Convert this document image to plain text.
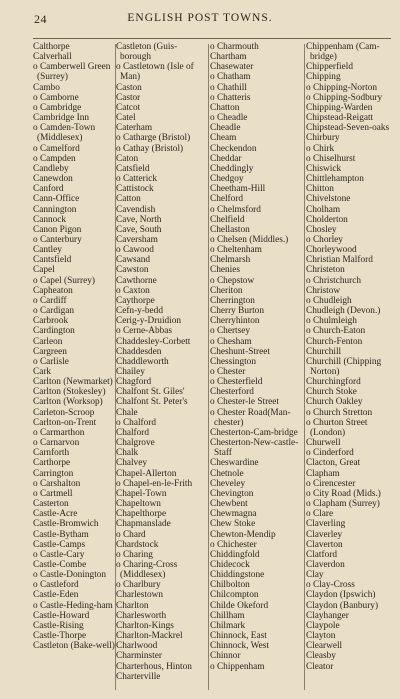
24	ENGLISH POST TOWNS.
Calthorpe
Calverhall
o Camberwell Green (Surrey)
Cambo
o Camborne
o Cambridge
Cambridge Inn
o Camden-Town (Middlesex)
o Camelford
o Campden
Candleby
Canewdon
Canford
Cann-Office
Cannington
Cannock
Canon Pigon
o Canterbury
Cantley
Cantsfield
Capel
o Capel (Surrey)
Capheaton
o Cardiff
o Cardigan
Carbrook
Cardington
Carleon
Cargreen
o Carlisle
Cark
Carlton (Newmarket)
Carlton (Stokesley)
Carlton (Worksop)
Carleton-Scroop
Carlton-on-Trent
o Carmarthon
o Carnarvon
Carnforth
Carthorpe
Carrington
o Carshalton
o Cartmell
Casterton
Castle-Acre
Castle-Bromwich
Castle-Bytham
Castle-Camps
o Castle-Cary
Castle-Combe
o Castle-Donington
o Castleford
Castle-Eden
o Castle-Heding-ham
Castle-Howard
Castle-Rising
Castle-Thorpe
Castleton (Bake-well)
Castleton (Guis-borough
o Castletown (Isle of Man)
Caston
Castor
Catcot
Catel
Caterham
o Catharge (Bristol)
o Cathay (Bristol)
Caton
Catsfield
o Catterick
Cattistock
Catton
Cavendish
Cave, North
Cave, South
Caversham
o Cawood
Cawsand
Cawston
Cawthorne
o Caxton
Caythorpe
Cefn-y-bedd
Cerig-y-Druidion
o Cerne-Abbas
Chaddesley-Corbett
Chaddesden
Chaddleworth
Chailey
Chagford
Chalfont St. Giles'
Chalfont St. Peter's
Chale
o Chalford
Chalford
Chalgrove
Chalk
Chalvey
Chapel-Allerton
o Chapel-en-le-Frith
Chapel-Town
Chapeltown
Chapelthorpe
Chapmanslade
o Chard
Chardstock
o Charing
o Charing-Cross (Middlesex)
o Charlbury
Charlestown
Charlton
Charlesworth
Charlton-Kings
Charlton-Mackrel
Charlwood
Charminster
Charterhous, Hinton
Charterville
o Charmouth
Chartham
Chasewater
o Chatham
o Chathill
o Chatteris
Chatton
o Cheadle
Cheadle
Cheam
Checkendon
Cheddar
Cheddingly
Chedgoy
Cheetham-Hill
Chelford
o Chelmsford
Chelfield
Chellaston
o Chelsen (Middles.)
o Cheltenham
Chelmarsh
Chenies
o Chepstow
Cheriton
Cherrington
Cherry Burton
Cherryhinton
o Chertsey
o Chesham
Cheshunt-Street
Chessington
o Chester
o Chesterfield
Chesterford
o Chester-le Street
o Chester Road(Man-chester)
Chesterton-Cam-bridge
Chesterton-New-castle-Staff
Cheswardine
Chetnole
Cheveley
Chevington
Chewbent
Chewmagna
Chew Stoke
Chewton-Mendip
o Chichester
Chiddingfold
Chidecock
Chiddingstone
Chilbolton
Chilcompton
Childe Okeford
Chillham
Chilmark
Chinnock, East
Chinnock, West
Chinnor
o Chippenham
Chippenham (Cam-bridge)
Chipperfield
Chipping
o Chipping-Norton
o Chipping-Sodbury
Chipping-Warden
Chipstead-Reigatt
Chipstead-Seven-oaks
Chirbury
o Chirk
o Chiselhurst
Chiswick
Chittlehampton
Chitton
Chivelstone
Cholham
Cholderton
Chosley
o Chorley
Chorleywood
Christian Malford
Christeton
o Christchurch
Christow
o Chudleigh
Chudleigh (Devon.)
o Chulmleigh
o Church-Eaton
Church-Fenton
Churchill
Churchill (Chipping Norton)
Churchingford
Church Stoke
Church Oakley
o Church Stretton
o Churton Street (London)
Churwell
o Cinderford
Clacton, Great
Clapham
o Cirencester
o City Road (Mids.)
o Clapham (Surrey)
o Clare
Claverling
Claverley
Claverton
Clatford
Claverdon
Clay
o Clay-Cross
Claydon (Ipswich)
Claydon (Banbury)
Clayhanger
Claypole
Clayton
Clearwell
Cleasby
Cleator
